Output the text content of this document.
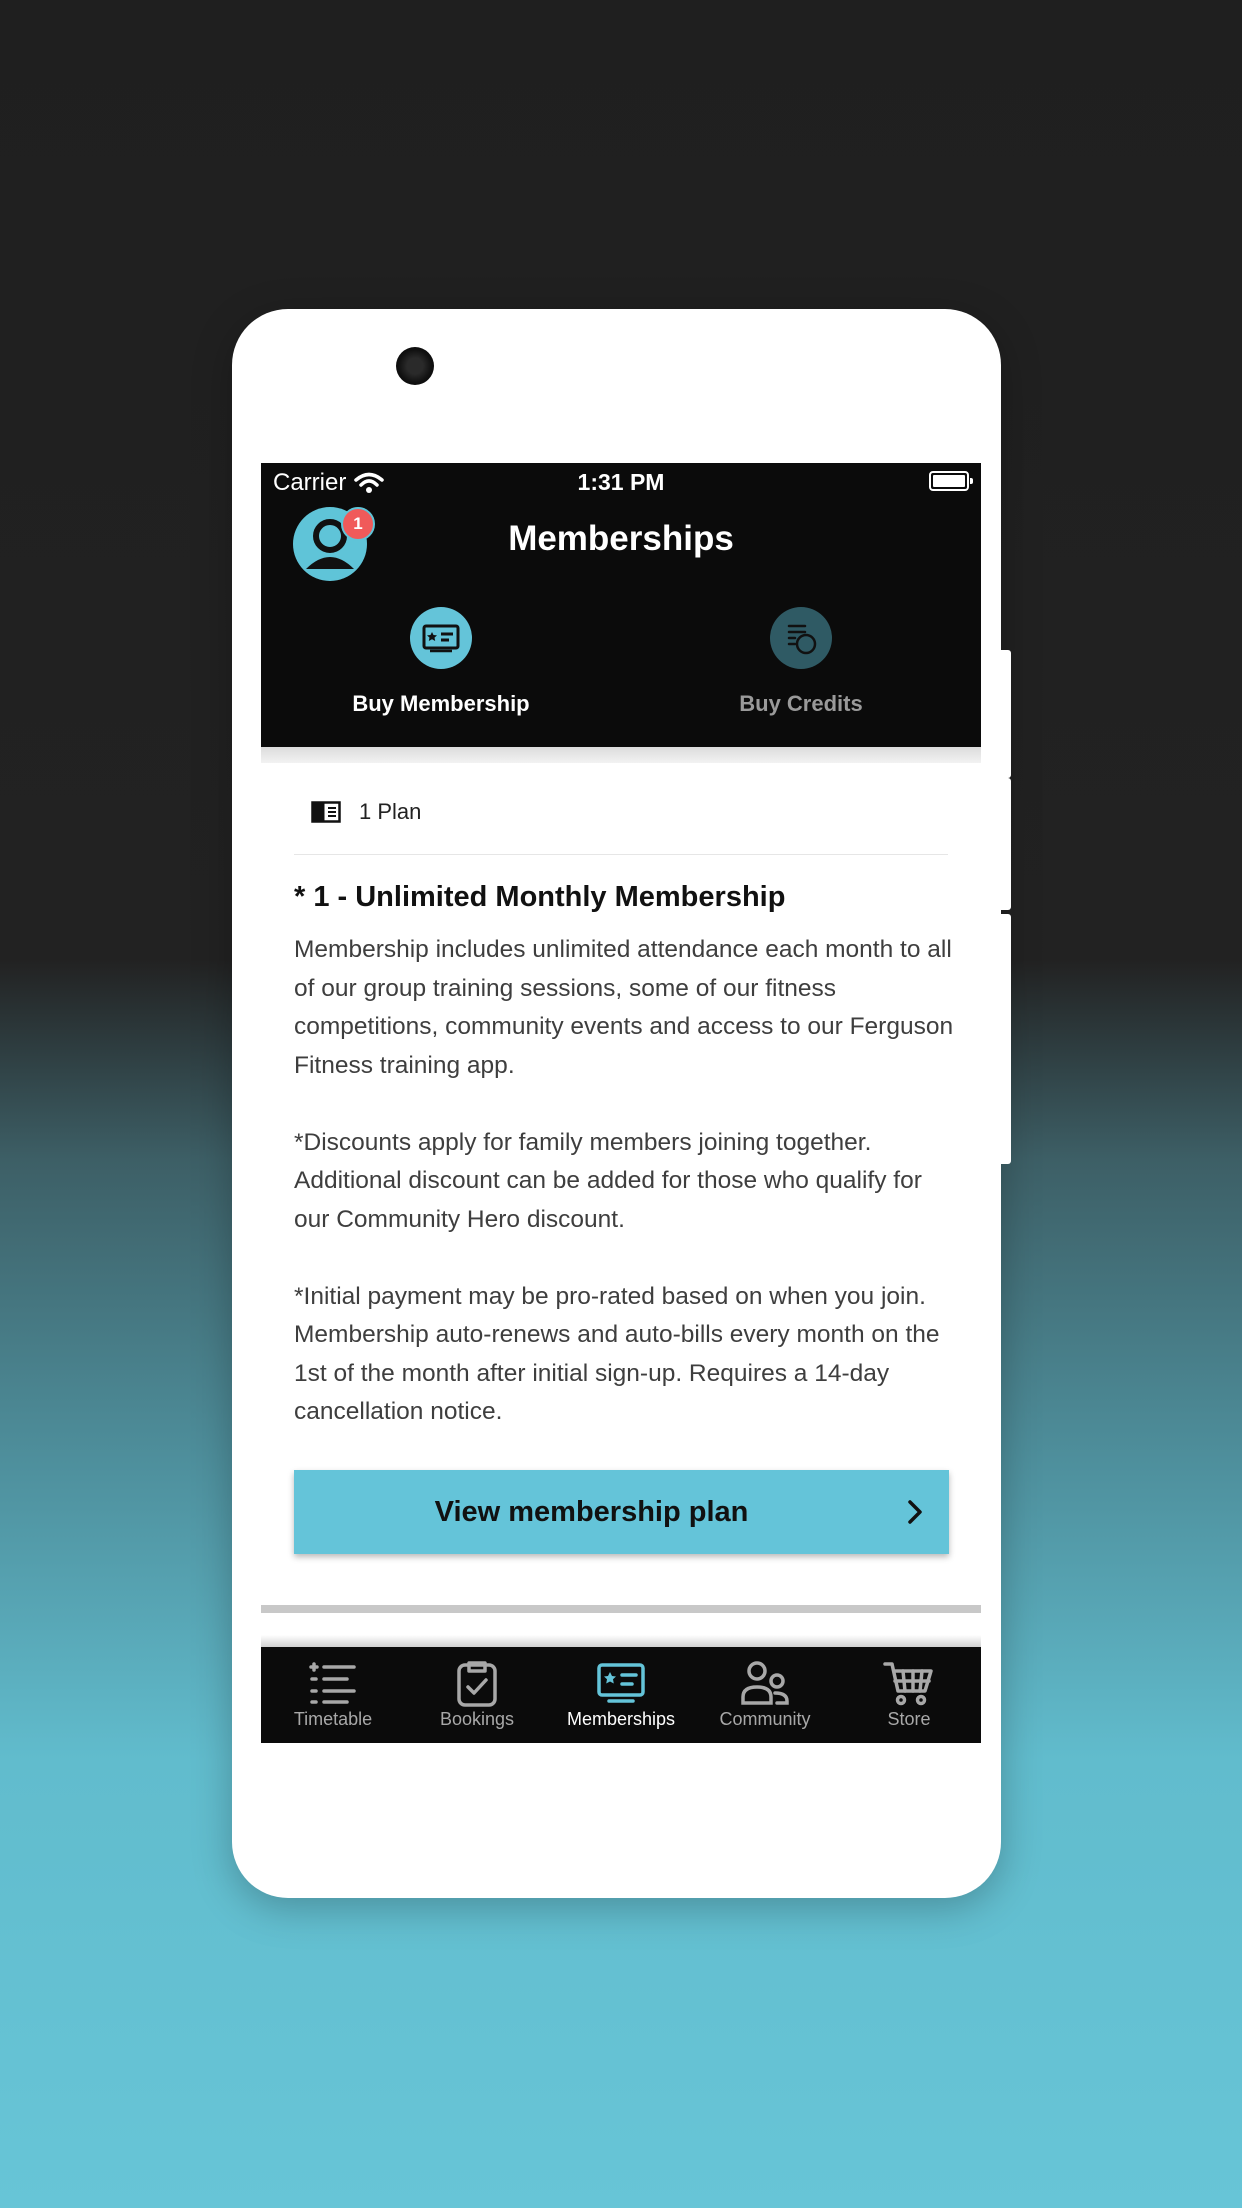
Carrier	1:31 PM
1	Memberships
Buy Membership	Buy Credits
1 Plan
* 1 - Unlimited Monthly Membership

Membership includes unlimited attendance each month to all of our group training sessions, some of our fitness competitions, community events and access to our Ferguson Fitness training app.

*Discounts apply for family members joining together. Additional discount can be added for those who qualify for our Community Hero discount.

*Initial payment may be pro-rated based on when you join. Membership auto-renews and auto-bills every month on the 1st of the month after initial sign-up. Requires a 14-day cancellation notice.

View membership plan
Timetable	Bookings	Memberships	Community	Store
